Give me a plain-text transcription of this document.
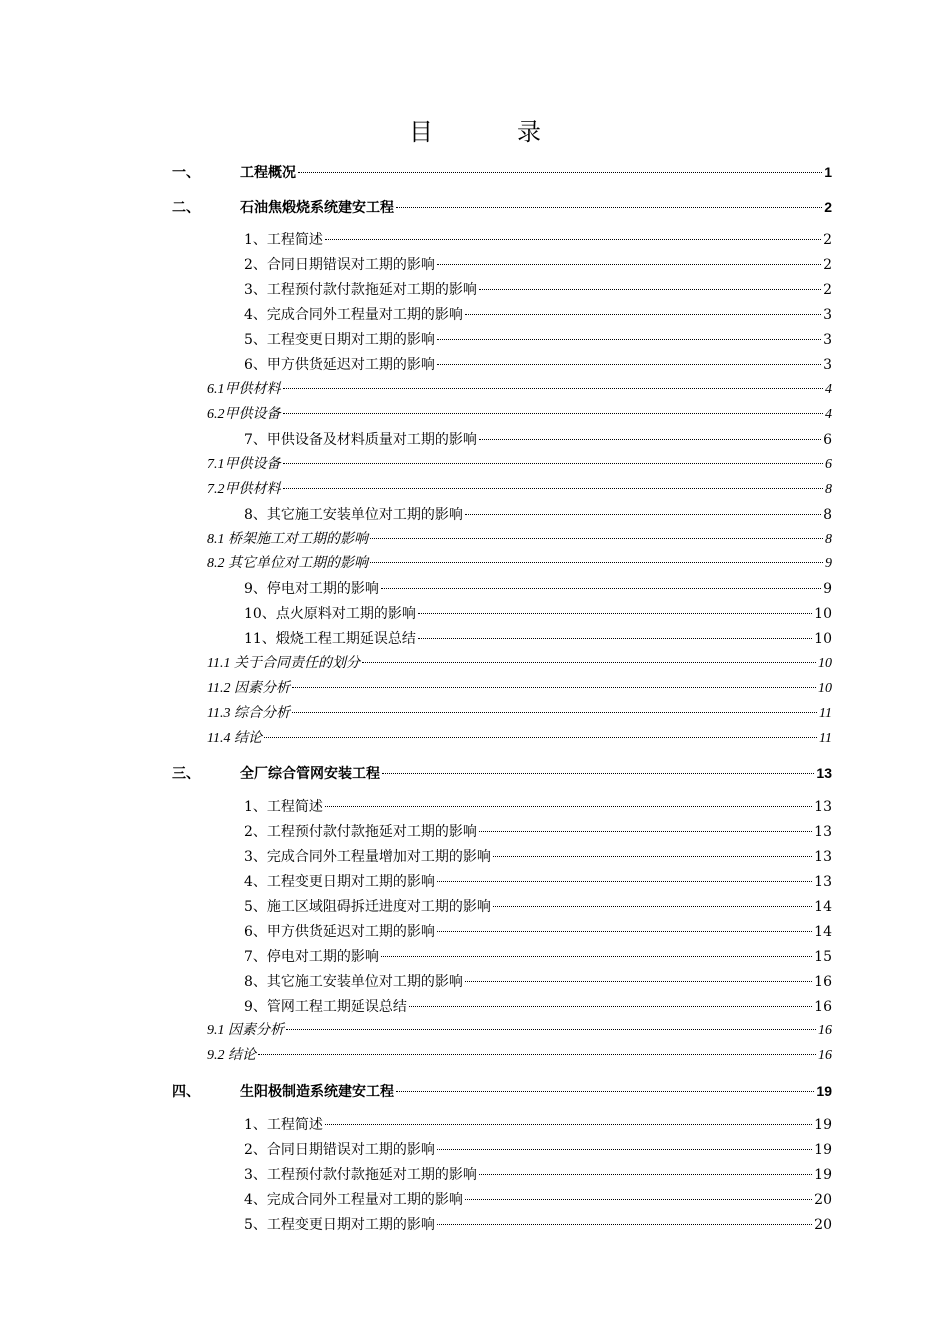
目　录
一、	工程概况	1
二、	石油焦煅烧系统建安工程	2
1、工程简述	2
2、合同日期错误对工期的影响	2
3、工程预付款付款拖延对工期的影响	2
4、完成合同外工程量对工期的影响	3
5、工程变更日期对工期的影响	3
6、甲方供货延迟对工期的影响	3
6.1甲供材料	4
6.2甲供设备	4
7、甲供设备及材料质量对工期的影响	6
7.1甲供设备	6
7.2甲供材料	8
8、其它施工安装单位对工期的影响	8
8.1 桥架施工对工期的影响	8
8.2 其它单位对工期的影响	9
9、停电对工期的影响	9
10、点火原料对工期的影响	10
11、煅烧工程工期延误总结	10
11.1 关于合同责任的划分	10
11.2 因素分析	10
11.3 综合分析	11
11.4 结论	11
三、	全厂综合管网安装工程	13
1、工程简述	13
2、工程预付款付款拖延对工期的影响	13
3、完成合同外工程量增加对工期的影响	13
4、工程变更日期对工期的影响	13
5、施工区域阻碍拆迁进度对工期的影响	14
6、甲方供货延迟对工期的影响	14
7、停电对工期的影响	15
8、其它施工安装单位对工期的影响	16
9、管网工程工期延误总结	16
9.1 因素分析	16
9.2 结论	16
四、	生阳极制造系统建安工程	19
1、工程简述	19
2、合同日期错误对工期的影响	19
3、工程预付款付款拖延对工期的影响	19
4、完成合同外工程量对工期的影响	20
5、工程变更日期对工期的影响	20
